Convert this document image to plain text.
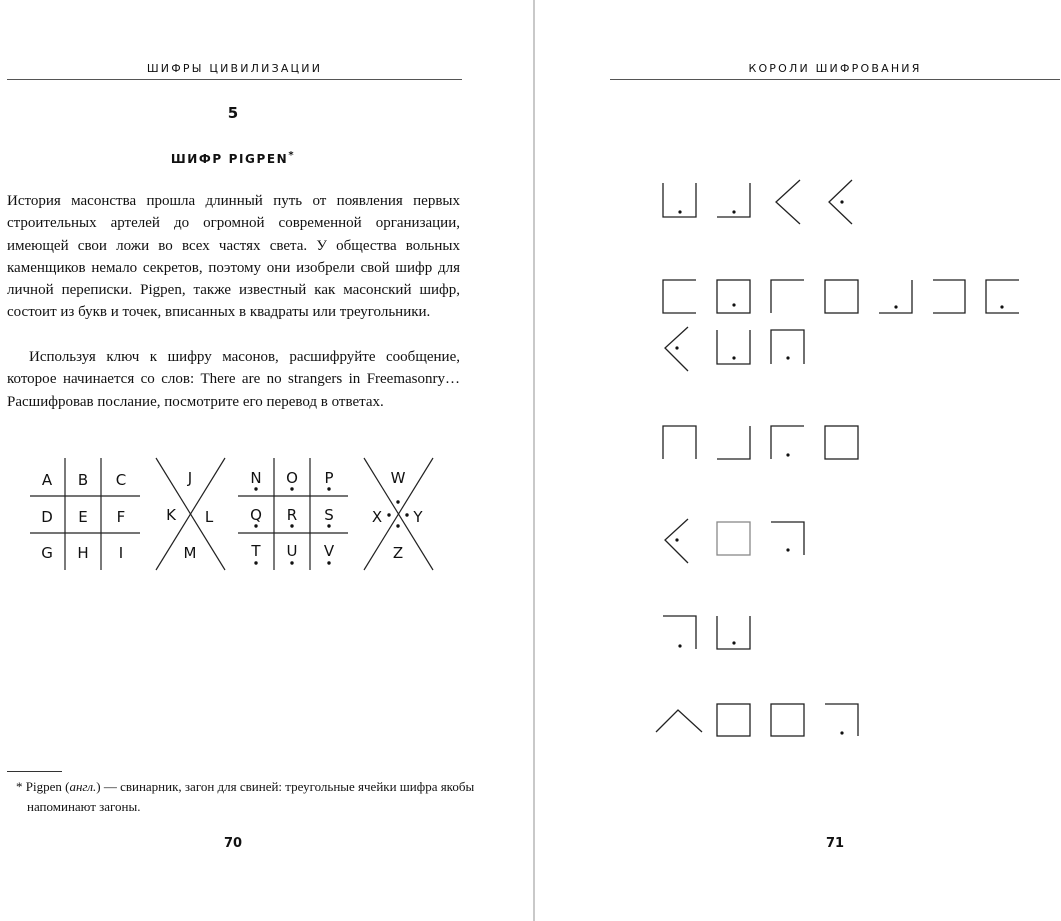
ШИФРЫ ЦИВИЛИЗАЦИИ
5
ШИФР PIGPEN*

История масонства прошла длинный путь от появления первых строительных артелей до огромной современной организации, имеющей свои ложи во всех частях света. У общества вольных каменщиков немало секретов, поэтому они изобрели свой шифр для личной переписки. Pigpen, также известный как масонский шифр, состоит из букв и точек, вписанных в квадраты или треугольники.

Используя ключ к шифру масонов, расшифруйте сообщение, которое начинается со слов: There are no strangers in Freemasonry… Расшифровав послание, посмотрите его перевод в ответах.

A B C
D E F
G H I
J
K L
M
N O P
Q R S
T U V
W
X Y
Z

* Pigpen (англ.) — свинарник, загон для свиней: треугольные ячейки шифра якобы напоминают загоны.

70
КОРОЛИ ШИФРОВАНИЯ
71
